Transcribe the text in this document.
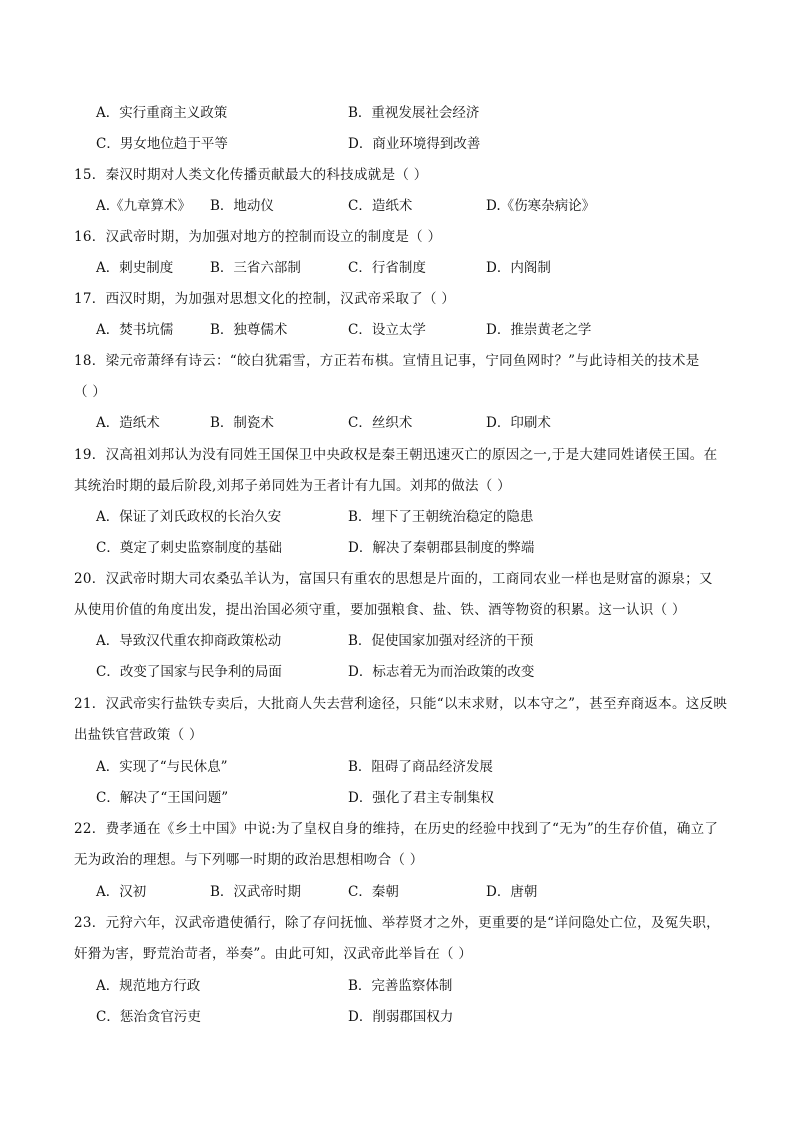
A．实行重商主义政策	B．重视发展社会经济
C．男女地位趋于平等	D．商业环境得到改善
15．秦汉时期对人类文化传播贡献最大的科技成就是（ ）
A.《九章算术》 B．地动仪	C．造纸术	D.《伤寒杂病论》
16．汉武帝时期，为加强对地方的控制而设立的制度是（ ）
A．刺史制度	B．三省六部制	C．行省制度	D．内阁制
17．西汉时期，为加强对思想文化的控制，汉武帝采取了（ ）
A．焚书坑儒	B．独尊儒术	C．设立太学	D．推崇黄老之学
18．梁元帝萧绎有诗云：“皎白犹霜雪，方正若布棋。宣情且记事，宁同鱼网时？”与此诗相关的技术是
（ ）
A．造纸术	B．制瓷术	C．丝织术	D．印刷术
19．汉高祖刘邦认为没有同姓王国保卫中央政权是秦王朝迅速灭亡的原因之一,于是大建同姓诸侯王国。在
其统治时期的最后阶段,刘邦子弟同姓为王者计有九国。刘邦的做法（ ）
A．保证了刘氏政权的长治久安	B．埋下了王朝统治稳定的隐患
C．奠定了刺史监察制度的基础	D．解决了秦朝郡县制度的弊端
20．汉武帝时期大司农桑弘羊认为，富国只有重农的思想是片面的，工商同农业一样也是财富的源泉；又
从使用价值的角度出发，提出治国必须守重，要加强粮食、盐、铁、酒等物资的积累。这一认识（ ）
A．导致汉代重农抑商政策松动	B．促使国家加强对经济的干预
C．改变了国家与民争利的局面	D．标志着无为而治政策的改变
21．汉武帝实行盐铁专卖后，大批商人失去营利途径，只能“以末求财，以本守之”，甚至弃商返本。这反映
出盐铁官营政策（ ）
A．实现了“与民休息”	B．阻碍了商品经济发展
C．解决了“王国问题”	D．强化了君主专制集权
22．费孝通在《乡土中国》中说:为了皇权自身的维持，在历史的经验中找到了“无为”的生存价值，确立了
无为政治的理想。与下列哪一时期的政治思想相吻合（ ）
A．汉初	B．汉武帝时期	C．秦朝	D．唐朝
23．元狩六年，汉武帝遣使循行，除了存问抚恤、举荐贤才之外，更重要的是“详问隐处亡位，及冤失职，
奸猾为害，野荒治苛者，举奏”。由此可知，汉武帝此举旨在（ ）
A．规范地方行政	B．完善监察体制
C．惩治贪官污吏	D．削弱郡国权力
